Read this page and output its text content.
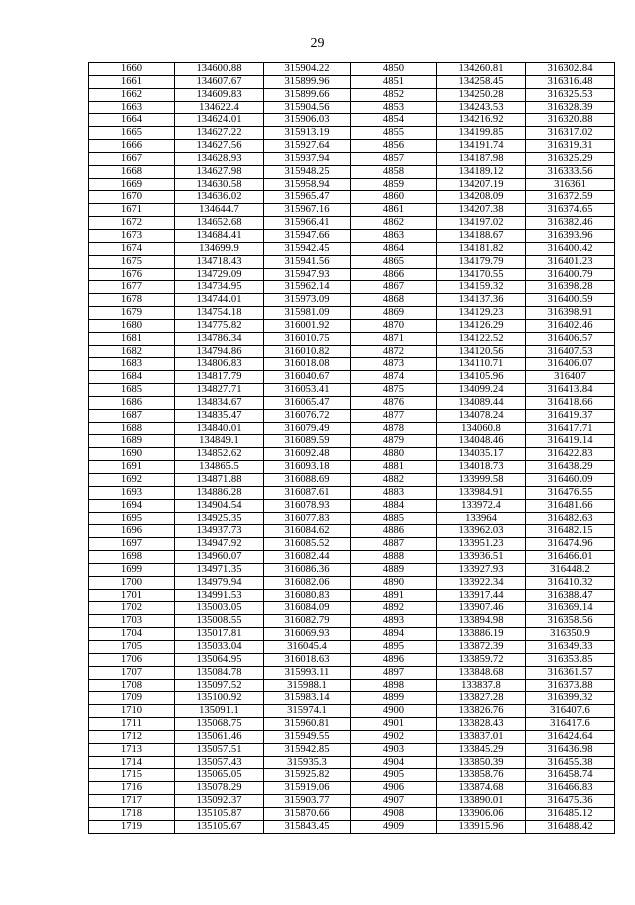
29
1660	134600.88	315904.22	4850	134260.81	316302.84
1661	134607.67	315899.96	4851	134258.45	316316.48
1662	134609.83	315899.66	4852	134250.28	316325.53
1663	134622.4	315904.56	4853	134243.53	316328.39
1664	134624.01	315906.03	4854	134216.92	316320.88
1665	134627.22	315913.19	4855	134199.85	316317.02
1666	134627.56	315927.64	4856	134191.74	316319.31
1667	134628.93	315937.94	4857	134187.98	316325.29
1668	134627.98	315948.25	4858	134189.12	316333.56
1669	134630.58	315958.94	4859	134207.19	316361
1670	134636.02	315965.47	4860	134208.09	316372.59
1671	134644.7	315967.16	4861	134207.38	316374.65
1672	134652.68	315966.41	4862	134197.02	316382.46
1673	134684.41	315947.66	4863	134188.67	316393.96
1674	134699.9	315942.45	4864	134181.82	316400.42
1675	134718.43	315941.56	4865	134179.79	316401.23
1676	134729.09	315947.93	4866	134170.55	316400.79
1677	134734.95	315962.14	4867	134159.32	316398.28
1678	134744.01	315973.09	4868	134137.36	316400.59
1679	134754.18	315981.09	4869	134129.23	316398.91
1680	134775.82	316001.92	4870	134126.29	316402.46
1681	134786.34	316010.75	4871	134122.52	316406.57
1682	134794.86	316010.82	4872	134120.56	316407.53
1683	134806.83	316018.08	4873	134110.71	316406.07
1684	134817.79	316040.67	4874	134105.96	316407
1685	134827.71	316053.41	4875	134099.24	316413.84
1686	134834.67	316065.47	4876	134089.44	316418.66
1687	134835.47	316076.72	4877	134078.24	316419.37
1688	134840.01	316079.49	4878	134060.8	316417.71
1689	134849.1	316089.59	4879	134048.46	316419.14
1690	134852.62	316092.48	4880	134035.17	316422.83
1691	134865.5	316093.18	4881	134018.73	316438.29
1692	134871.88	316088.69	4882	133999.58	316460.09
1693	134886.28	316087.61	4883	133984.91	316476.55
1694	134904.54	316078.93	4884	133972.4	316481.66
1695	134925.35	316077.83	4885	133964	316482.63
1696	134937.73	316084.62	4886	133962.03	316482.15
1697	134947.92	316085.52	4887	133951.23	316474.96
1698	134960.07	316082.44	4888	133936.51	316466.01
1699	134971.35	316086.36	4889	133927.93	316448.2
1700	134979.94	316082.06	4890	133922.34	316410.32
1701	134991.53	316080.83	4891	133917.44	316388.47
1702	135003.05	316084.09	4892	133907.46	316369.14
1703	135008.55	316082.79	4893	133894.98	316358.56
1704	135017.81	316069.93	4894	133886.19	316350.9
1705	135033.04	316045.4	4895	133872.39	316349.33
1706	135064.95	316018.63	4896	133859.72	316353.85
1707	135084.78	315993.11	4897	133848.68	316361.57
1708	135097.52	315988.1	4898	133837.8	316373.88
1709	135100.92	315983.14	4899	133827.28	316399.32
1710	135091.1	315974.1	4900	133826.76	316407.6
1711	135068.75	315960.81	4901	133828.43	316417.6
1712	135061.46	315949.55	4902	133837.01	316424.64
1713	135057.51	315942.85	4903	133845.29	316436.98
1714	135057.43	315935.3	4904	133850.39	316455.38
1715	135065.05	315925.82	4905	133858.76	316458.74
1716	135078.29	315919.06	4906	133874.68	316466.83
1717	135092.37	315903.77	4907	133890.01	316475.36
1718	135105.87	315870.66	4908	133906.06	316485.12
1719	135105.67	315843.45	4909	133915.96	316488.42
